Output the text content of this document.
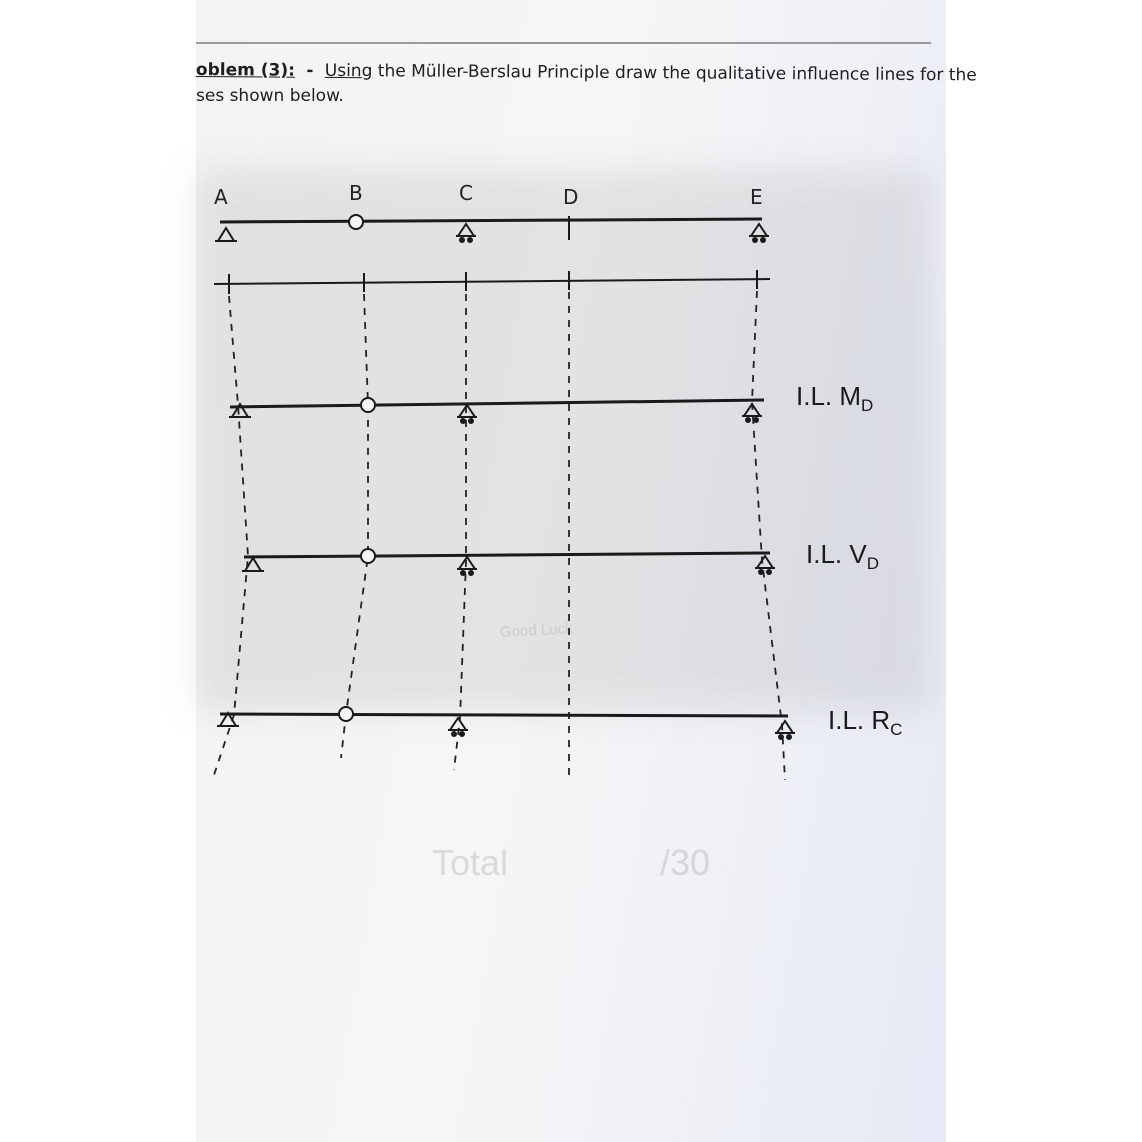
oblem (3): - Using the Müller-Berslau Principle draw the qualitative influence lines for the
ses shown below.
Good Luck
Total	/30
A	B	C	D	E
I.L. $M_D$
I.L. $V_D$
I.L. $R_C$
